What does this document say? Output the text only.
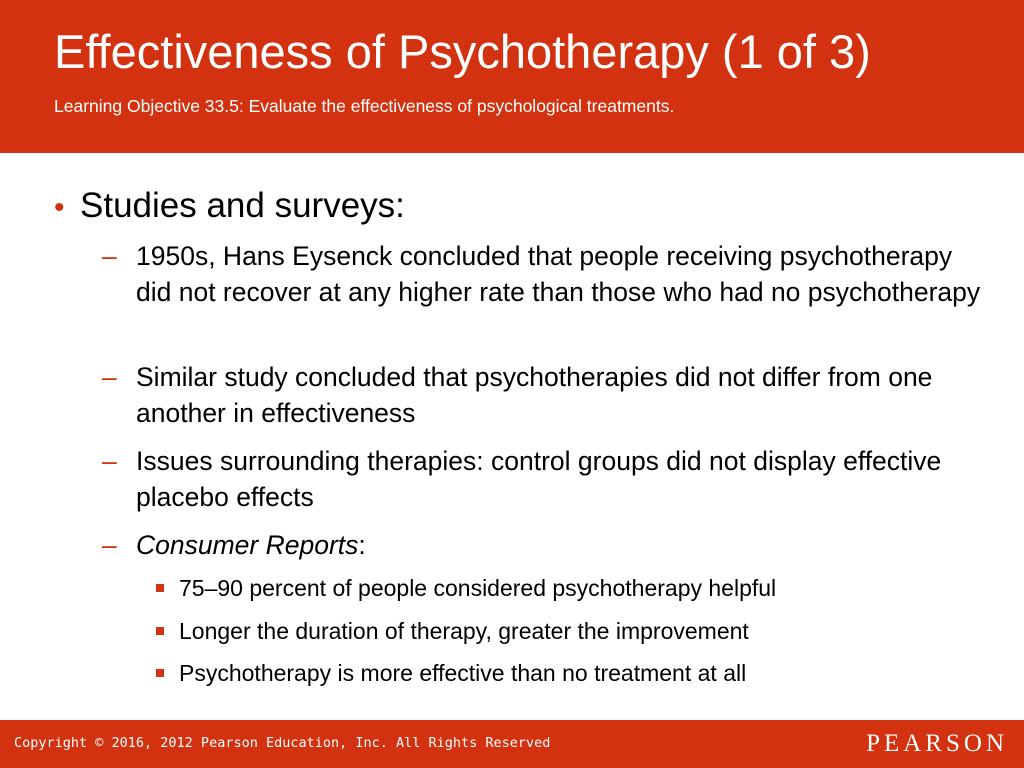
Effectiveness of Psychotherapy (1 of 3)
Learning Objective 33.5: Evaluate the effectiveness of psychological treatments.
• Studies and surveys:
– 1950s, Hans Eysenck concluded that people receiving psychotherapy did not recover at any higher rate than those who had no psychotherapy
– Similar study concluded that psychotherapies did not differ from one another in effectiveness
– Issues surrounding therapies: control groups did not display effective placebo effects
– Consumer Reports:
75–90 percent of people considered psychotherapy helpful
Longer the duration of therapy, greater the improvement
Psychotherapy is more effective than no treatment at all
Copyright © 2016, 2012 Pearson Education, Inc. All Rights Reserved	PEARSON
